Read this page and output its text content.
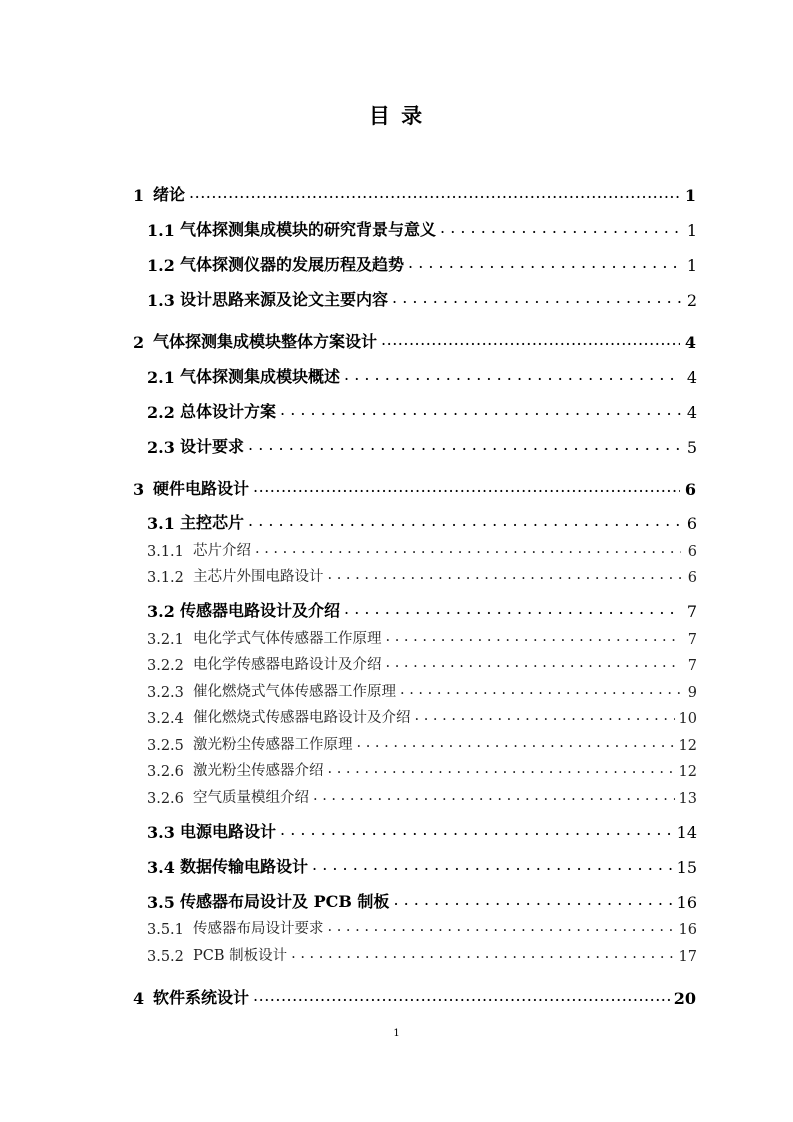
目 录
1 绪论 .....	1
1.1 气体探测集成模块的研究背景与意义 . . .	1
1.2 气体探测仪器的发展历程及趋势 . . .	1
1.3 设计思路来源及论文主要内容 . . .	2
2 气体探测集成模块整体方案设计 .....	4
2.1 气体探测集成模块概述 . . .	4
2.2 总体设计方案 . . .	4
2.3 设计要求 . . .	5
3 硬件电路设计 .....	6
3.1 主控芯片 . . .	6
3.1.1 芯片介绍 . . .	6
3.1.2 主芯片外围电路设计 . . .	6
3.2 传感器电路设计及介绍 . . .	7
3.2.1 电化学式气体传感器工作原理 . . .	7
3.2.2 电化学传感器电路设计及介绍 . . .	7
3.2.3 催化燃烧式气体传感器工作原理 . . .	9
3.2.4 催化燃烧式传感器电路设计及介绍 . . .	10
3.2.5 激光粉尘传感器工作原理 . . .	12
3.2.6 激光粉尘传感器介绍 . . .	12
3.2.6 空气质量模组介绍 . . .	13
3.3 电源电路设计 . . .	14
3.4 数据传输电路设计 . . .	15
3.5 传感器布局设计及 PCB 制板 . . .	16
3.5.1 传感器布局设计要求 . . .	16
3.5.2 PCB 制板设计 . . .	17
4 软件系统设计 .....	20
1
